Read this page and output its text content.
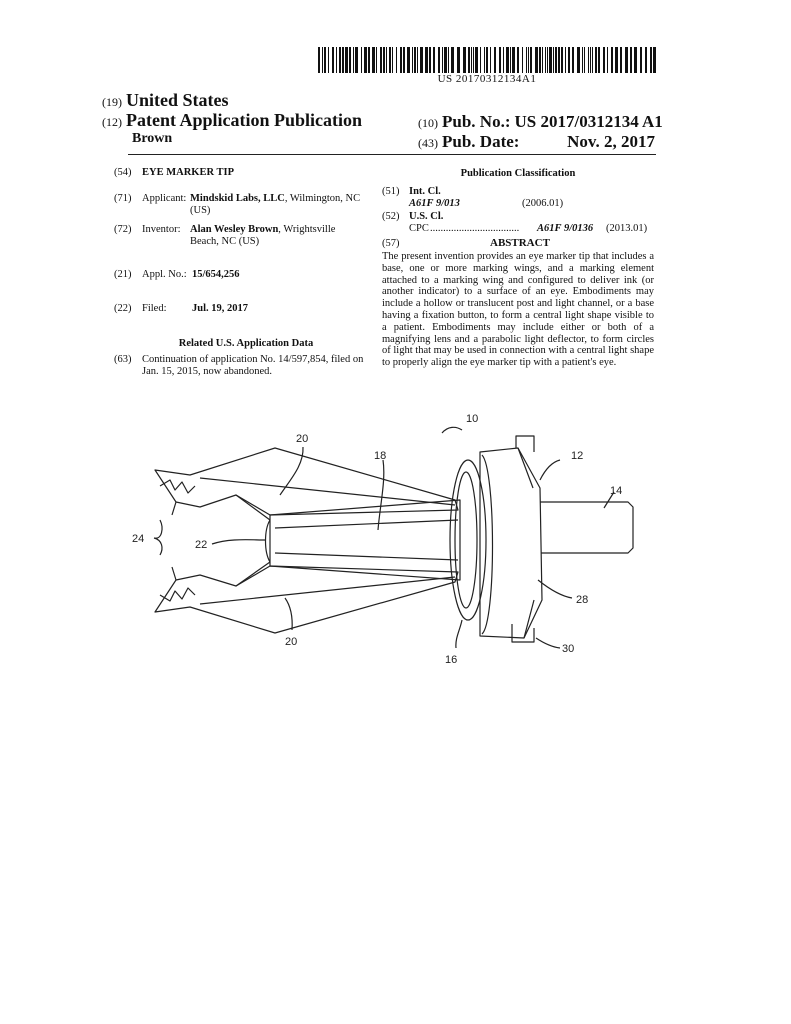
US 20170312134A1
(19) United States
(12) Patent Application Publication
Brown
(10) Pub. No.: US 2017/0312134 A1
(43) Pub. Date:	Nov. 2, 2017
(54) EYE MARKER TIP
(71) Applicant: Mindskid Labs, LLC, Wilmington, NC
(US)
(72) Inventor: Alan Wesley Brown, Wrightsville
Beach, NC (US)
(21) Appl. No.: 15/654,256
(22) Filed: Jul. 19, 2017
Related U.S. Application Data
(63) Continuation of application No. 14/597,854, filed on
Jan. 15, 2015, now abandoned.
Publication Classification
(51) Int. Cl.
A61F 9/013	(2006.01)
(52) U.S. Cl.
CPC ..................................	A61F 9/0136 (2013.01)
(57)	ABSTRACT
The present invention provides an eye marker tip that includes a base, one or more marking wings, and a marking element attached to a marking wing and configured to deliver ink (or another indicator) to a surface of an eye. Embodiments may include a hollow or translucent post and light channel, or a base having a fixation button, to form a central light shape visible to a patient. Embodiments may include either or both of a magnifying lens and a parabolic light deflector, to form circles of light that may be used in connection with a central light shape to properly align the eye marker tip with a patient's eye.
10
12
14
16
18
20
20
22
24
28
30
